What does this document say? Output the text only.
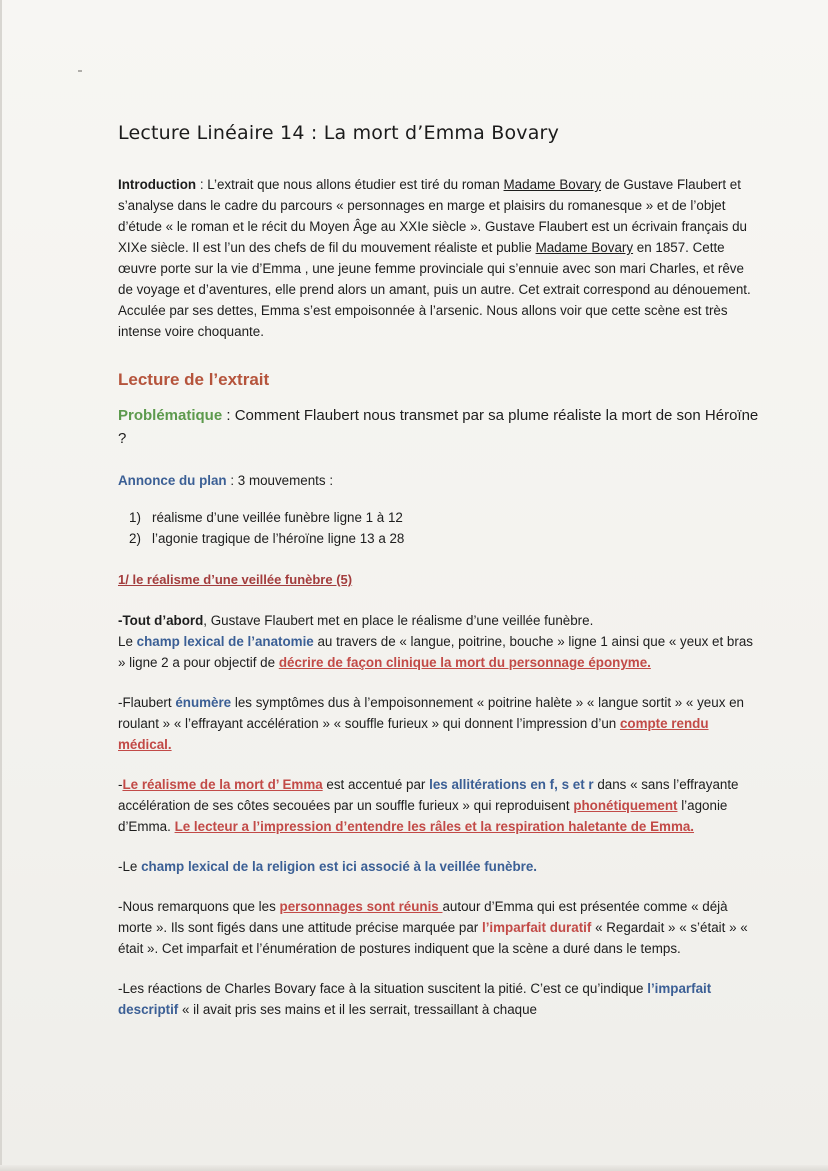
Lecture Linéaire 14 : La mort d’Emma Bovary

Introduction : L’extrait que nous allons étudier est tiré du roman Madame Bovary de Gustave Flaubert et s’analyse dans le cadre du parcours « personnages en marge et plaisirs du romanesque » et de l’objet d’étude « le roman et le récit du Moyen Âge au XXIe siècle ». Gustave Flaubert est un écrivain français du XIXe siècle. Il est l’un des chefs de fil du mouvement réaliste et publie Madame Bovary en 1857. Cette œuvre porte sur la vie d’Emma , une jeune femme provinciale qui s’ennuie avec son mari Charles, et rêve de voyage et d’aventures, elle prend alors un amant, puis un autre. Cet extrait correspond au dénouement. Acculée par ses dettes, Emma s’est empoisonnée à l’arsenic. Nous allons voir que cette scène est très intense voire choquante.

Lecture de l’extrait

Problématique : Comment Flaubert nous transmet par sa plume réaliste la mort de son Héroïne ?

Annonce du plan : 3 mouvements :

1) réalisme d’une veillée funèbre ligne 1 à 12
2) l’agonie tragique de l’héroïne ligne 13 a 28

1/ le réalisme d’une veillée funèbre (5)

-Tout d’abord, Gustave Flaubert met en place le réalisme d’une veillée funèbre.
Le champ lexical de l’anatomie au travers de « langue, poitrine, bouche » ligne 1 ainsi que « yeux et bras » ligne 2 a pour objectif de décrire de façon clinique la mort du personnage éponyme.

-Flaubert énumère les symptômes dus à l’empoisonnement « poitrine halète » « langue sortit » « yeux en roulant » « l’effrayant accélération » « souffle furieux » qui donnent l’impression d’un compte rendu médical.

-Le réalisme de la mort d’ Emma est accentué par les allitérations en f, s et r dans « sans l’effrayante accélération de ses côtes secouées par un souffle furieux » qui reproduisent phonétiquement l’agonie d’Emma. Le lecteur a l’impression d’entendre les râles et la respiration haletante de Emma.

-Le champ lexical de la religion est ici associé à la veillée funèbre.

-Nous remarquons que les personnages sont réunis autour d’Emma qui est présentée comme « déjà morte ». Ils sont figés dans une attitude précise marquée par l’imparfait duratif « Regardait » « s’était » « était ». Cet imparfait et l’énumération de postures indiquent que la scène a duré dans le temps.

-Les réactions de Charles Bovary face à la situation suscitent la pitié. C’est ce qu’indique l’imparfait descriptif « il avait pris ses mains et il les serrait, tressaillant à chaque
